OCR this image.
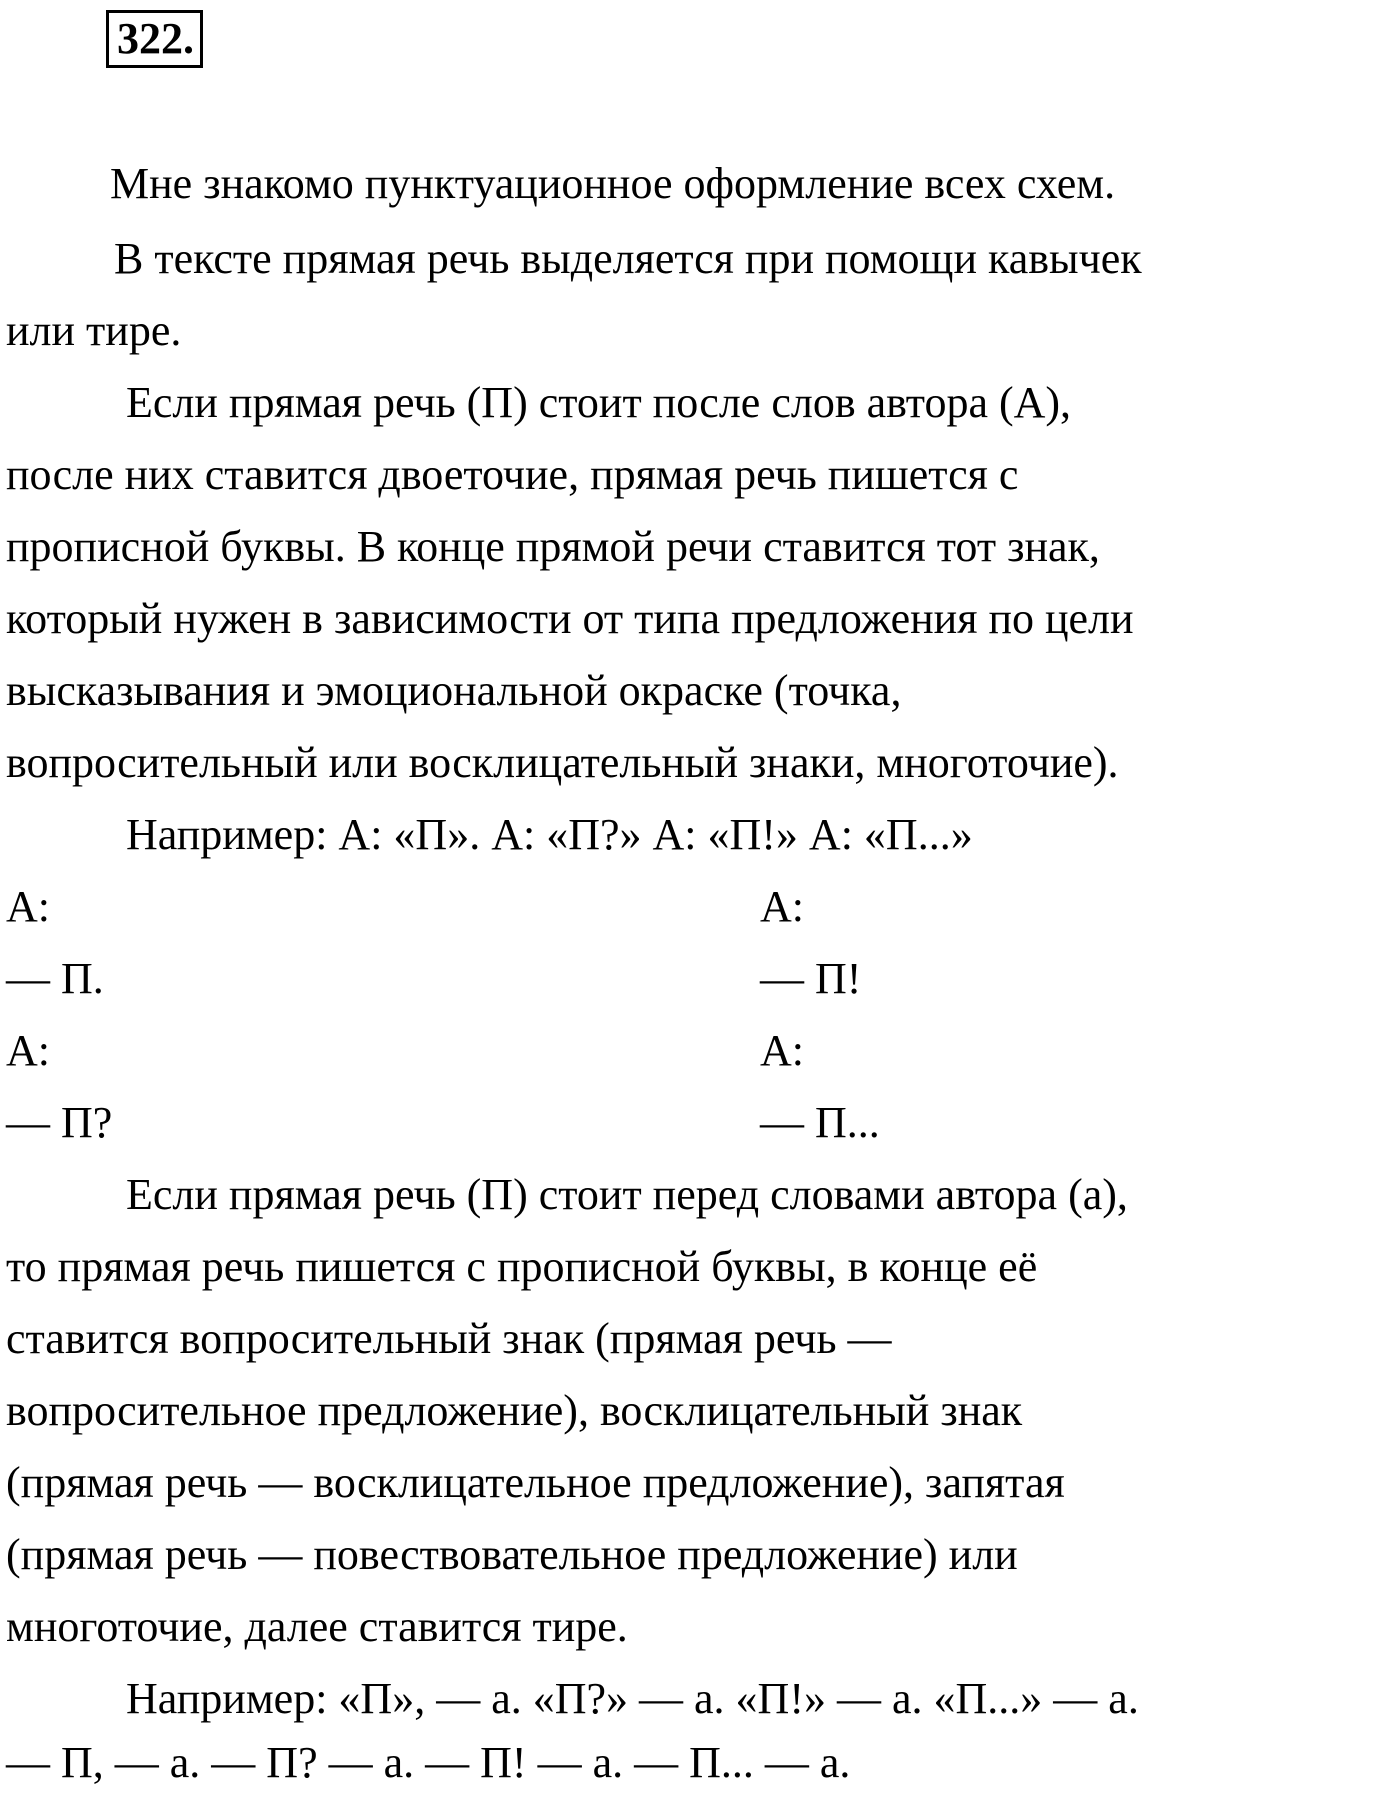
322.
Мне знакомо пунктуационное оформление всех схем.
В тексте прямая речь выделяется при помощи кавычек
или тире.
Если прямая речь (П) стоит после слов автора (А),
после них ставится двоеточие, прямая речь пишется с
прописной буквы. В конце прямой речи ставится тот знак,
который нужен в зависимости от типа предложения по цели
высказывания и эмоциональной окраске (точка,
вопросительный или восклицательный знаки, многоточие).
Например: А: «П». А: «П?» А: «П!» А: «П...»
А:
— П.
А:
— П?
А:
— П!
А:
— П...
Если прямая речь (П) стоит перед словами автора (а),
то прямая речь пишется с прописной буквы, в конце её
ставится вопросительный знак (прямая речь —
вопросительное предложение), восклицательный знак
(прямая речь — восклицательное предложение), запятая
(прямая речь — повествовательное предложение) или
многоточие, далее ставится тире.
Например: «П», — а. «П?» — а. «П!» — а. «П...» — а.
— П, — а. — П? — а. — П! — а. — П... — а.
